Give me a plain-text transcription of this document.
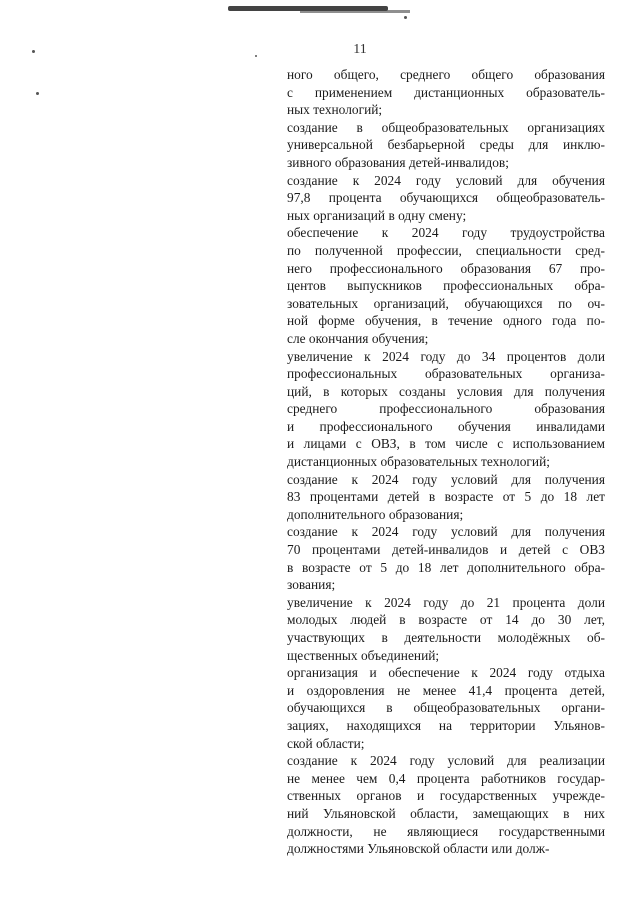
11

ного общего, среднего общего образования
с применением дистанционных образователь-
ных технологий;

создание в общеобразовательных организациях
универсальной безбарьерной среды для инклю-
зивного образования детей-инвалидов;

создание к 2024 году условий для обучения
97,8 процента обучающихся общеобразователь-
ных организаций в одну смену;

обеспечение к 2024 году трудоустройства
по полученной профессии, специальности сред-
него профессионального образования 67 про-
центов выпускников профессиональных обра-
зовательных организаций, обучающихся по оч-
ной форме обучения, в течение одного года по-
сле окончания обучения;

увеличение к 2024 году до 34 процентов доли
профессиональных образовательных организа-
ций, в которых созданы условия для получения
среднего профессионального образования
и профессионального обучения инвалидами
и лицами с ОВЗ, в том числе с использованием
дистанционных образовательных технологий;

создание к 2024 году условий для получения
83 процентами детей в возрасте от 5 до 18 лет
дополнительного образования;

создание к 2024 году условий для получения
70 процентами детей-инвалидов и детей с ОВЗ
в возрасте от 5 до 18 лет дополнительного обра-
зования;

увеличение к 2024 году до 21 процента доли
молодых людей в возрасте от 14 до 30 лет,
участвующих в деятельности молодёжных об-
щественных объединений;

организация и обеспечение к 2024 году отдыха
и оздоровления не менее 41,4 процента детей,
обучающихся в общеобразовательных органи-
зациях, находящихся на территории Ульянов-
ской области;

создание к 2024 году условий для реализации
не менее чем 0,4 процента работников государ-
ственных органов и государственных учрежде-
ний Ульяновской области, замещающих в них
должности, не являющиеся государственными
должностями Ульяновской области или долж-
